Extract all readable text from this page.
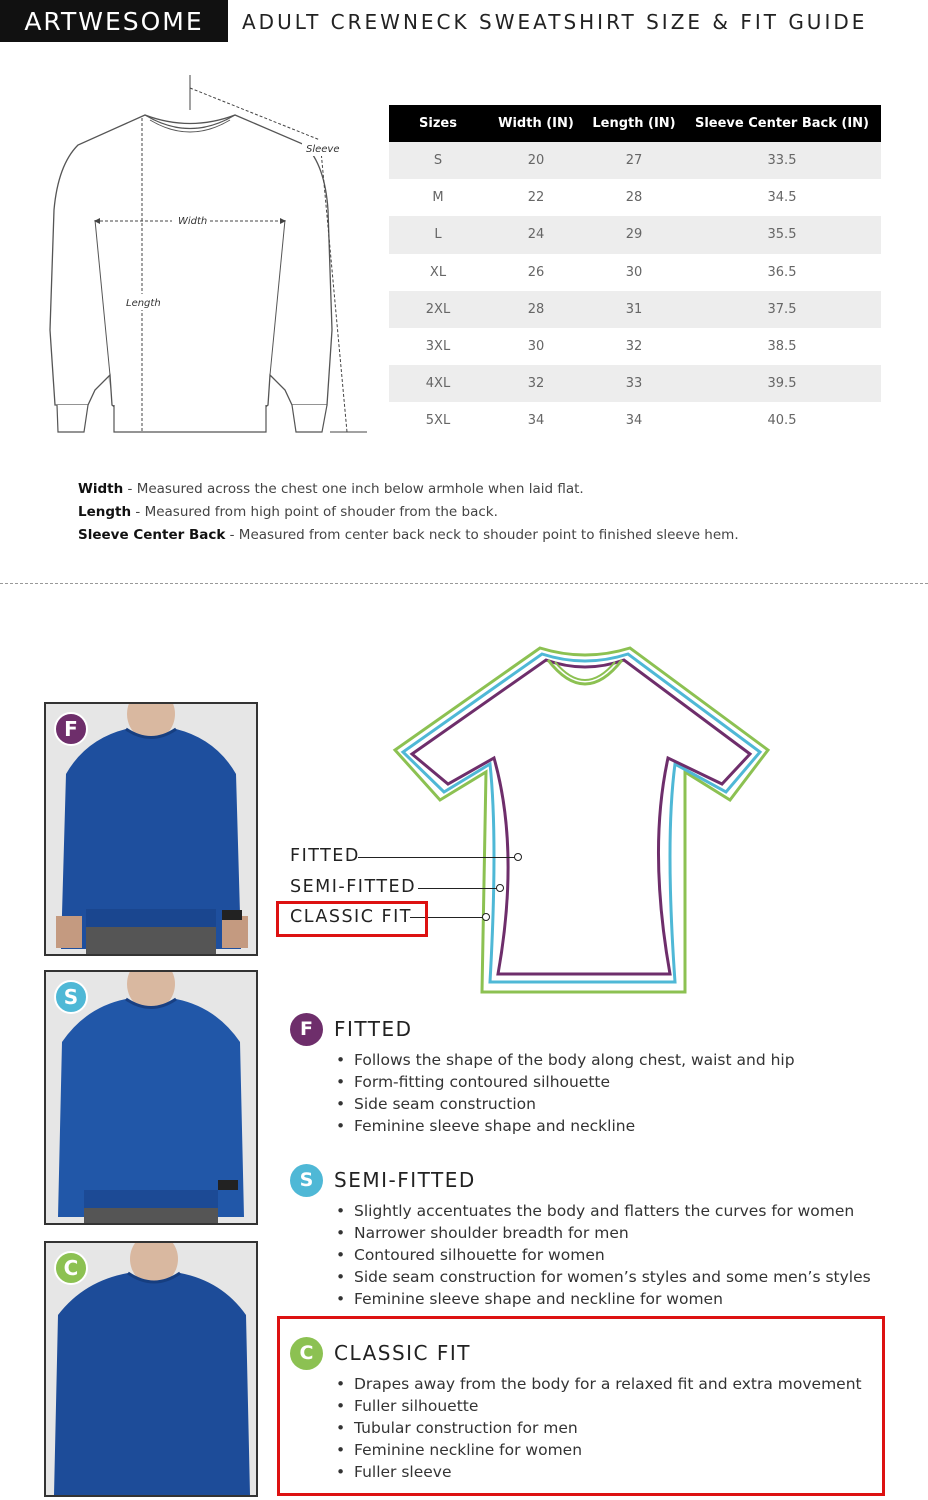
ARTWESOME	ADULT CREWNECK SWEATSHIRT SIZE & FIT GUIDE
Width
Length
Sleeve
Sizes	Width (IN)	Length (IN)	Sleeve Center Back (IN)
S	20	27	33.5
M	22	28	34.5
L	24	29	35.5
XL	26	30	36.5
2XL	28	31	37.5
3XL	30	32	38.5
4XL	32	33	39.5
5XL	34	34	40.5
Width - Measured across the chest one inch below armhole when laid flat.
Length - Measured from high point of shouder from the back.
Sleeve Center Back - Measured from center back neck to shouder point to finished sleeve hem.
F
S
C
FITTED
SEMI-FITTED
CLASSIC FIT
F	FITTED
• Follows the shape of the body along chest, waist and hip
• Form-fitting contoured silhouette
• Side seam construction
• Feminine sleeve shape and neckline
S	SEMI-FITTED
• Slightly accentuates the body and flatters the curves for women
• Narrower shoulder breadth for men
• Contoured silhouette for women
• Side seam construction for women’s styles and some men’s styles
• Feminine sleeve shape and neckline for women
C	CLASSIC FIT
• Drapes away from the body for a relaxed fit and extra movement
• Fuller silhouette
• Tubular construction for men
• Feminine neckline for women
• Fuller sleeve
